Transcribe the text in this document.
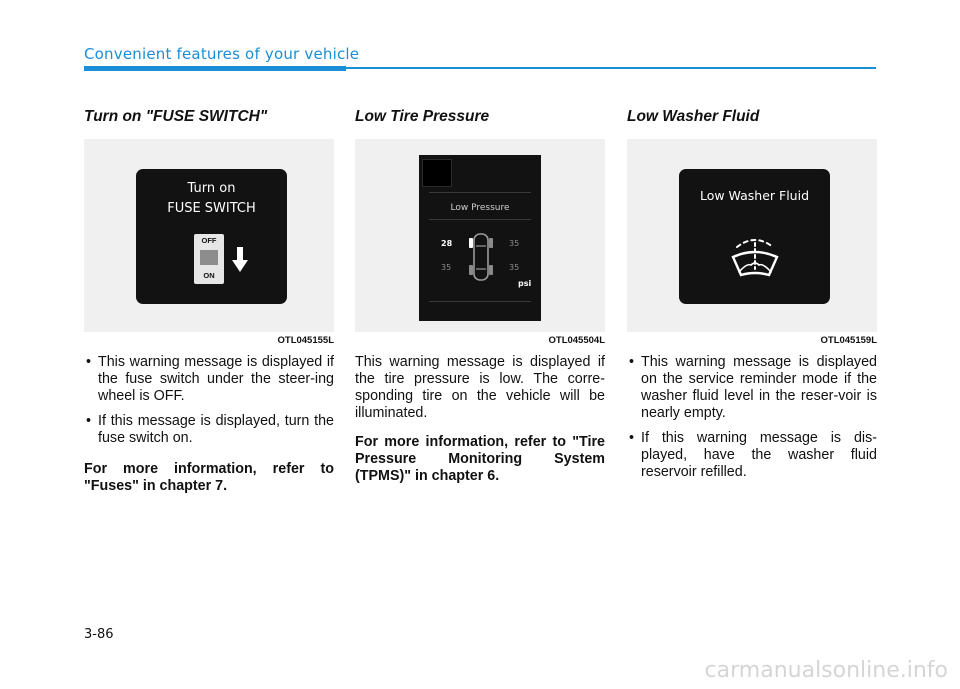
Convenient features of your vehicle
Turn on "FUSE SWITCH"
Turn on
FUSE SWITCH
OFF
ON
OTL045155L
• This warning message is displayed if the fuse switch under the steer-ing wheel is OFF.
• If this message is displayed, turn the fuse switch on.
For more information, refer to "Fuses" in chapter 7.
Low Tire Pressure
Low Pressure
28	35
35	35
psi
OTL045504L
This warning message is displayed if the tire pressure is low. The corre-sponding tire on the vehicle will be illuminated.
For more information, refer to "Tire Pressure Monitoring System (TPMS)" in chapter 6.
Low Washer Fluid
Low Washer Fluid
OTL045159L
• This warning message is displayed on the service reminder mode if the washer fluid level in the reser-voir is nearly empty.
• If this warning message is dis-played, have the washer fluid reservoir refilled.
3-86
carmanualsonline.info
